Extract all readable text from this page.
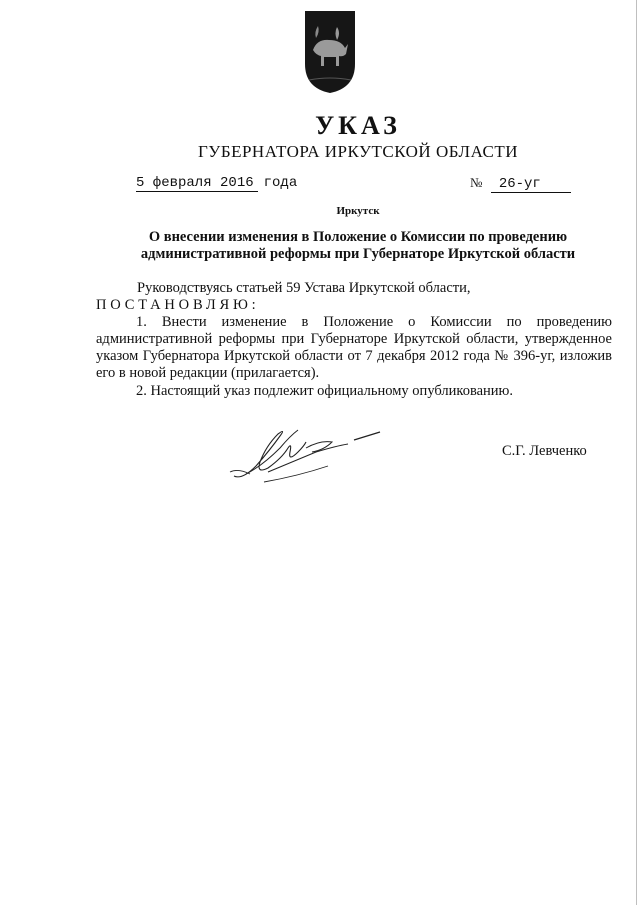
УКАЗ
ГУБЕРНАТОРА ИРКУТСКОЙ ОБЛАСТИ
5 февраля 2016 года	№ 26-уг
Иркутск
О внесении изменения в Положение о Комиссии по проведению административной реформы при Губернаторе Иркутской области
Руководствуясь статьей 59 Устава Иркутской области,
ПОСТАНОВЛЯЮ:
1. Внести изменение в Положение о Комиссии по проведению административной реформы при Губернаторе Иркутской области, утвержденное указом Губернатора Иркутской области от 7 декабря 2012 года № 396-уг, изложив его в новой редакции (прилагается).
2. Настоящий указ подлежит официальному опубликованию.
С.Г. Левченко
